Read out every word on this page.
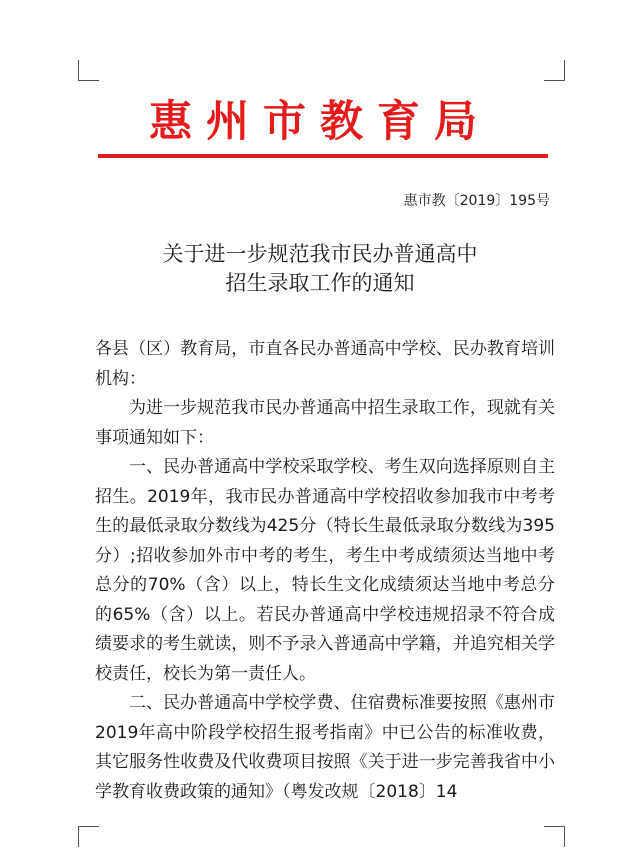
惠州市教育局
惠市教〔2019〕195号
关于进一步规范我市民办普通高中
招生录取工作的通知

各县（区）教育局，市直各民办普通高中学校、民办教育培训机构：

为进一步规范我市民办普通高中招生录取工作，现就有关事项通知如下：

一、民办普通高中学校采取学校、考生双向选择原则自主招生。2019年，我市民办普通高中学校招收参加我市中考考生的最低录取分数线为425分（特长生最低录取分数线为395分）;招收参加外市中考的考生，考生中考成绩须达当地中考总分的70%（含）以上，特长生文化成绩须达当地中考总分的65%（含）以上。若民办普通高中学校违规招录不符合成绩要求的考生就读，则不予录入普通高中学籍，并追究相关学校责任，校长为第一责任人。

二、民办普通高中学校学费、住宿费标准要按照《惠州市2019年高中阶段学校招生报考指南》中已公告的标准收费，其它服务性收费及代收费项目按照《关于进一步完善我省中小学教育收费政策的通知》（粤发改规〔2018〕14
